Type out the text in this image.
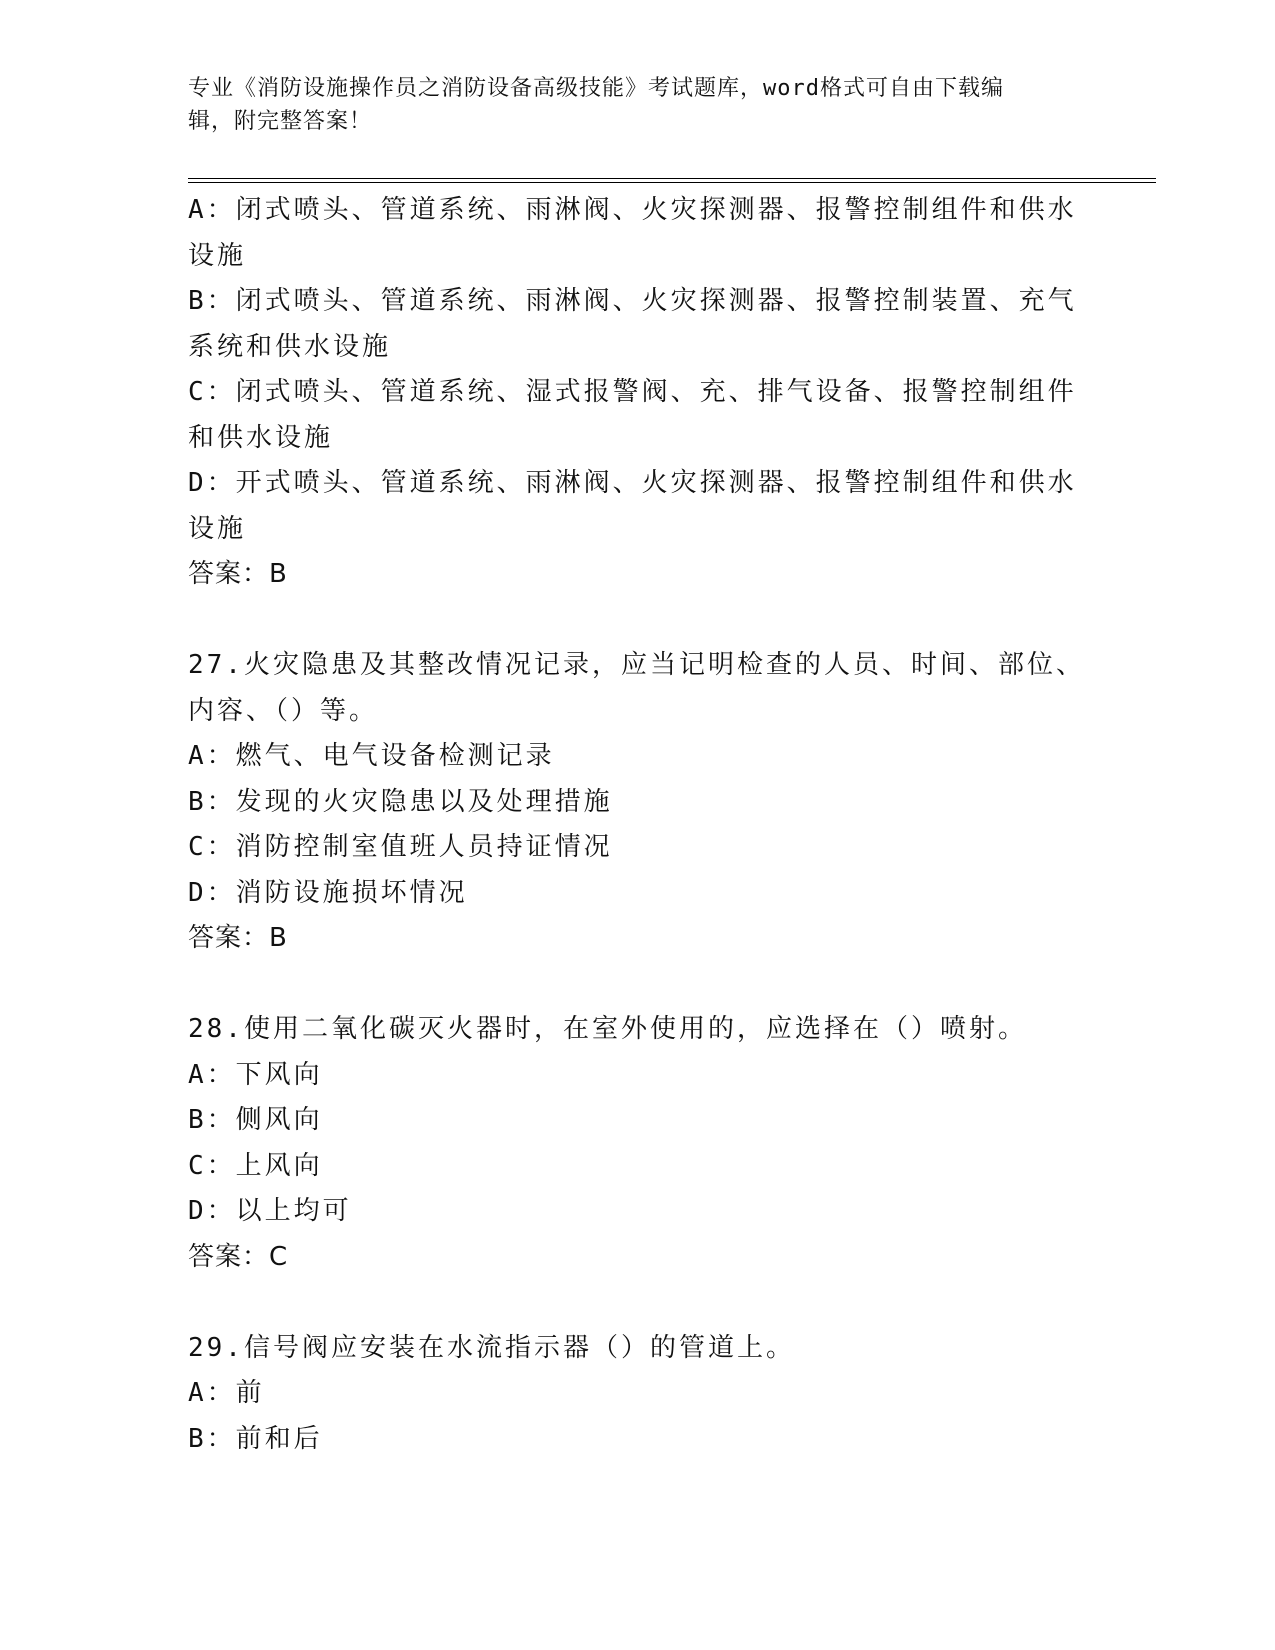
专业《消防设施操作员之消防设备高级技能》考试题库，word格式可自由下载编
辑，附完整答案！

A：闭式喷头、管道系统、雨淋阀、火灾探测器、报警控制组件和供水

设施

B：闭式喷头、管道系统、雨淋阀、火灾探测器、报警控制装置、充气

系统和供水设施

C：闭式喷头、管道系统、湿式报警阀、充、排气设备、报警控制组件

和供水设施

D：开式喷头、管道系统、雨淋阀、火灾探测器、报警控制组件和供水

设施

答案：B

27.火灾隐患及其整改情况记录，应当记明检查的人员、时间、部位、

内容、（）等。

A：燃气、电气设备检测记录

B：发现的火灾隐患以及处理措施

C：消防控制室值班人员持证情况

D：消防设施损坏情况

答案：B

28.使用二氧化碳灭火器时，在室外使用的，应选择在（）喷射。

A：下风向

B：侧风向

C：上风向

D：以上均可

答案：C

29.信号阀应安装在水流指示器（）的管道上。

A：前

B：前和后
